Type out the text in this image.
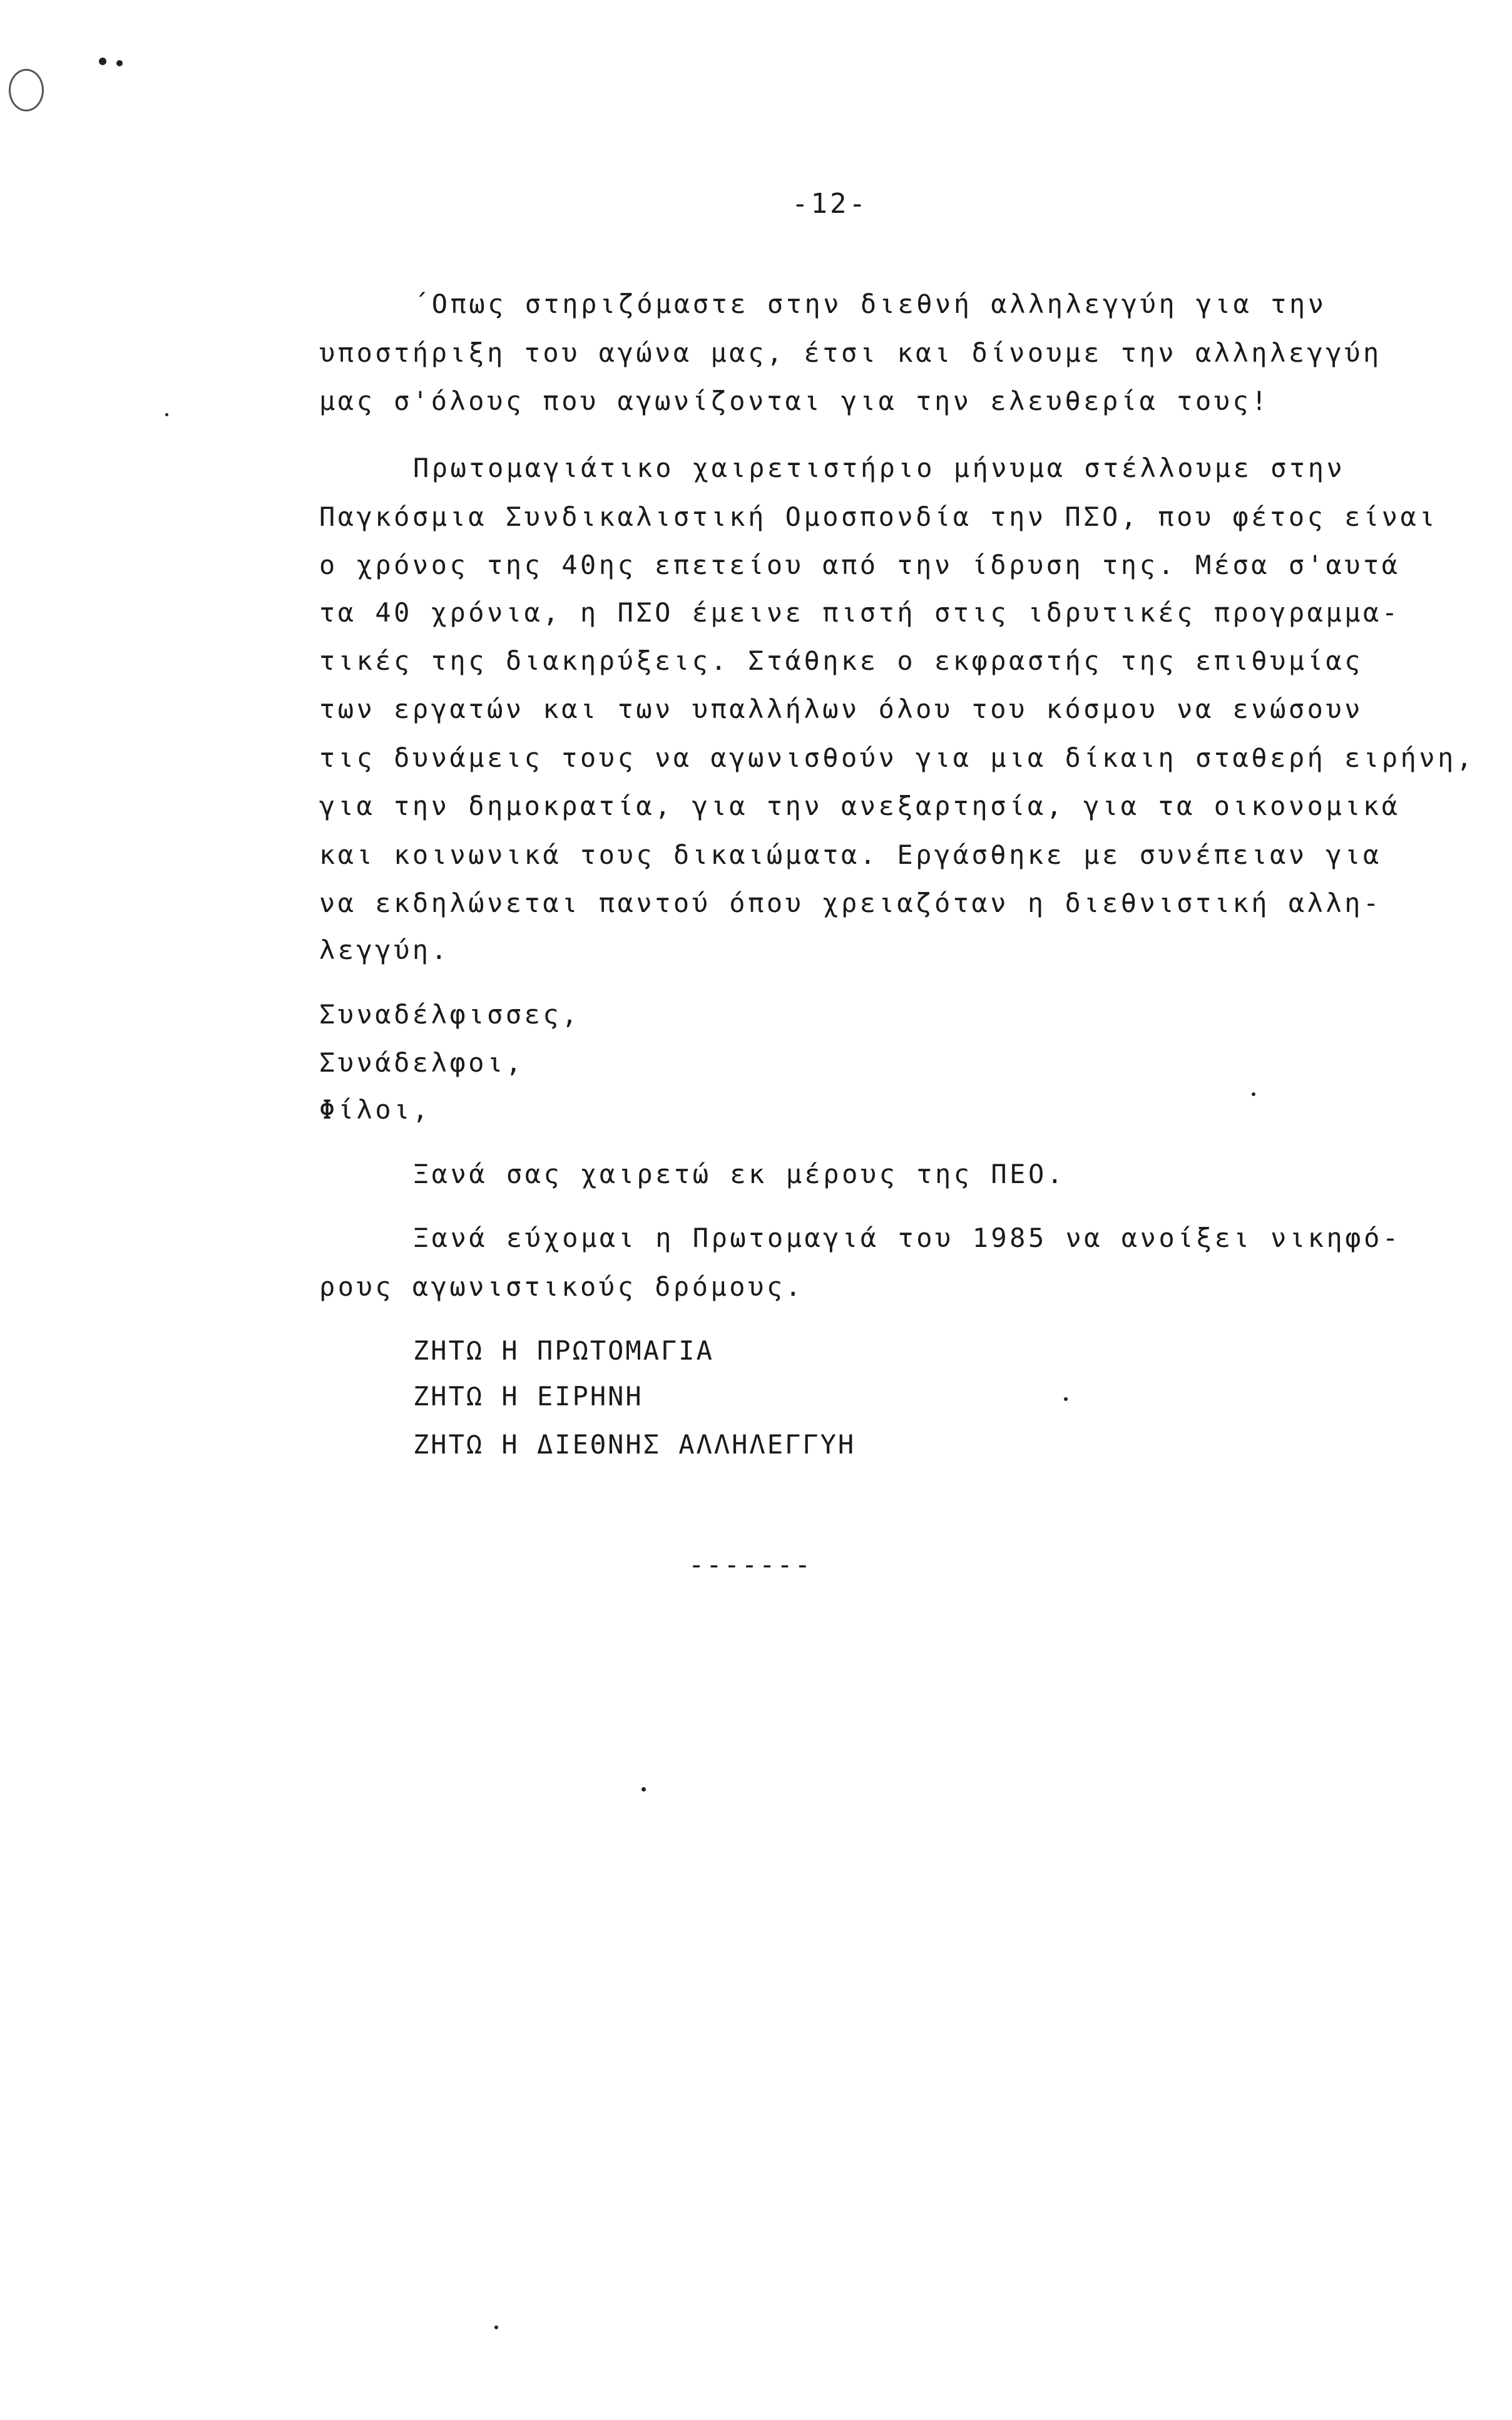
-12-
΄Οπως στηριζόμαστε στην διεθνή αλληλεγγύη για την
υποστήριξη του αγώνα μας, έτσι και δίνουμε την αλληλεγγύη
μας σ'όλους που αγωνίζονται για την ελευθερία τους!
Πρωτομαγιάτικο χαιρετιστήριο μήνυμα στέλλουμε στην
Παγκόσμια Συνδικαλιστική Ομοσπονδία την ΠΣΟ, που φέτος είναι
ο χρόνος της 40ης επετείου από την ίδρυση της. Μέσα σ'αυτά
τα 40 χρόνια, η ΠΣΟ έμεινε πιστή στις ιδρυτικές προγραμμα-
τικές της διακηρύξεις. Στάθηκε ο εκφραστής της επιθυμίας
των εργατών και των υπαλλήλων όλου του κόσμου να ενώσουν
τις δυνάμεις τους να αγωνισθούν για μια δίκαιη σταθερή ειρήνη,
για την δημοκρατία, για την ανεξαρτησία, για τα οικονομικά
και κοινωνικά τους δικαιώματα. Εργάσθηκε με συνέπειαν για
να εκδηλώνεται παντού όπου χρειαζόταν η διεθνιστική αλλη-
λεγγύη.
Συναδέλφισσες,
Συνάδελφοι,
Φίλοι,
Ξανά σας χαιρετώ εκ μέρους της ΠΕΟ.
Ξανά εύχομαι η Πρωτομαγιά του 1985 να ανοίξει νικηφό-
ρους αγωνιστικούς δρόμους.
ΖΗΤΩ Η ΠΡΩΤΟΜΑΓΙΑ
ΖΗΤΩ Η ΕΙΡΗΝΗ
ΖΗΤΩ Η ΔΙΕΘΝΗΣ ΑΛΛΗΛΕΓΓΥΗ
-------
